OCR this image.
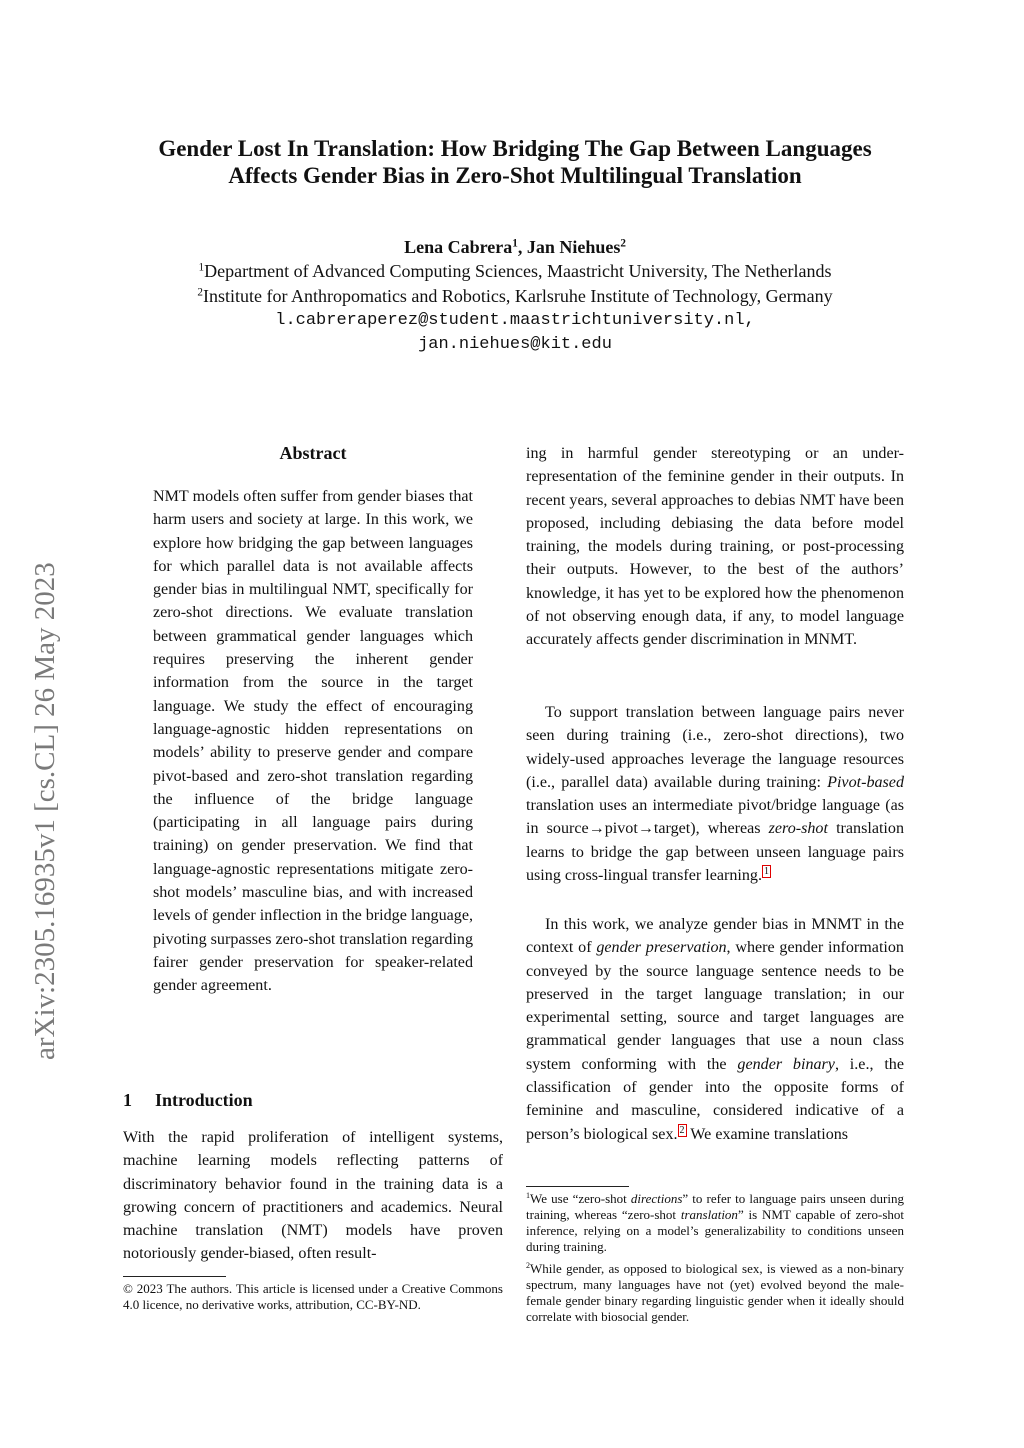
Gender Lost In Translation: How Bridging The Gap Between Languages
Affects Gender Bias in Zero-Shot Multilingual Translation
Lena Cabrera$^1$, Jan Niehues$^2$
$^1$Department of Advanced Computing Sciences, Maastricht University, The Netherlands
$^2$Institute for Anthropomatics and Robotics, Karlsruhe Institute of Technology, Germany
l.cabreraperez@student.maastrichtuniversity.nl,
jan.niehues@kit.edu
arXiv:2305.16935v1 [cs.CL] 26 May 2023
Abstract
NMT models often suffer from gender biases that harm users and society at large. In this work, we explore how bridging the gap between languages for which parallel data is not available affects gender bias in multilingual NMT, specifically for zero-shot directions. We evaluate translation between grammatical gender languages which requires preserving the inherent gender information from the source in the target language. We study the effect of encouraging language-agnostic hidden representations on models’ ability to preserve gender and compare pivot-based and zero-shot translation regarding the influence of the bridge language (participating in all language pairs during training) on gender preservation. We find that language-agnostic representations mitigate zero-shot models’ masculine bias, and with increased levels of gender inflection in the bridge language, pivoting surpasses zero-shot translation regarding fairer gender preservation for speaker-related gender agreement.
1 Introduction
With the rapid proliferation of intelligent systems, machine learning models reflecting patterns of discriminatory behavior found in the training data is a growing concern of practitioners and academics. Neural machine translation (NMT) models have proven notoriously gender-biased, often result-
© 2023 The authors. This article is licensed under a Creative Commons 4.0 licence, no derivative works, attribution, CC-BY-ND.
ing in harmful gender stereotyping or an under-representation of the feminine gender in their outputs. In recent years, several approaches to debias NMT have been proposed, including debiasing the data before model training, the models during training, or post-processing their outputs. However, to the best of the authors’ knowledge, it has yet to be explored how the phenomenon of not observing enough data, if any, to model language accurately affects gender discrimination in MNMT.
To support translation between language pairs never seen during training (i.e., zero-shot directions), two widely-used approaches leverage the language resources (i.e., parallel data) available during training: Pivot-based translation uses an intermediate pivot/bridge language (as in source→pivot→target), whereas zero-shot translation learns to bridge the gap between unseen language pairs using cross-lingual transfer learning. $^1$
In this work, we analyze gender bias in MNMT in the context of gender preservation, where gender information conveyed by the source language sentence needs to be preserved in the target language translation; in our experimental setting, source and target languages are grammatical gender languages that use a noun class system conforming with the gender binary, i.e., the classification of gender into the opposite forms of feminine and masculine, considered indicative of a person’s biological sex. $^2$ We examine translations
$^1$We use “zero-shot directions” to refer to language pairs unseen during training, whereas “zero-shot translation” is NMT capable of zero-shot inference, relying on a model’s generalizability to conditions unseen during training.
$^2$While gender, as opposed to biological sex, is viewed as a non-binary spectrum, many languages have not (yet) evolved beyond the male-female gender binary regarding linguistic gender when it ideally should correlate with biosocial gender.
